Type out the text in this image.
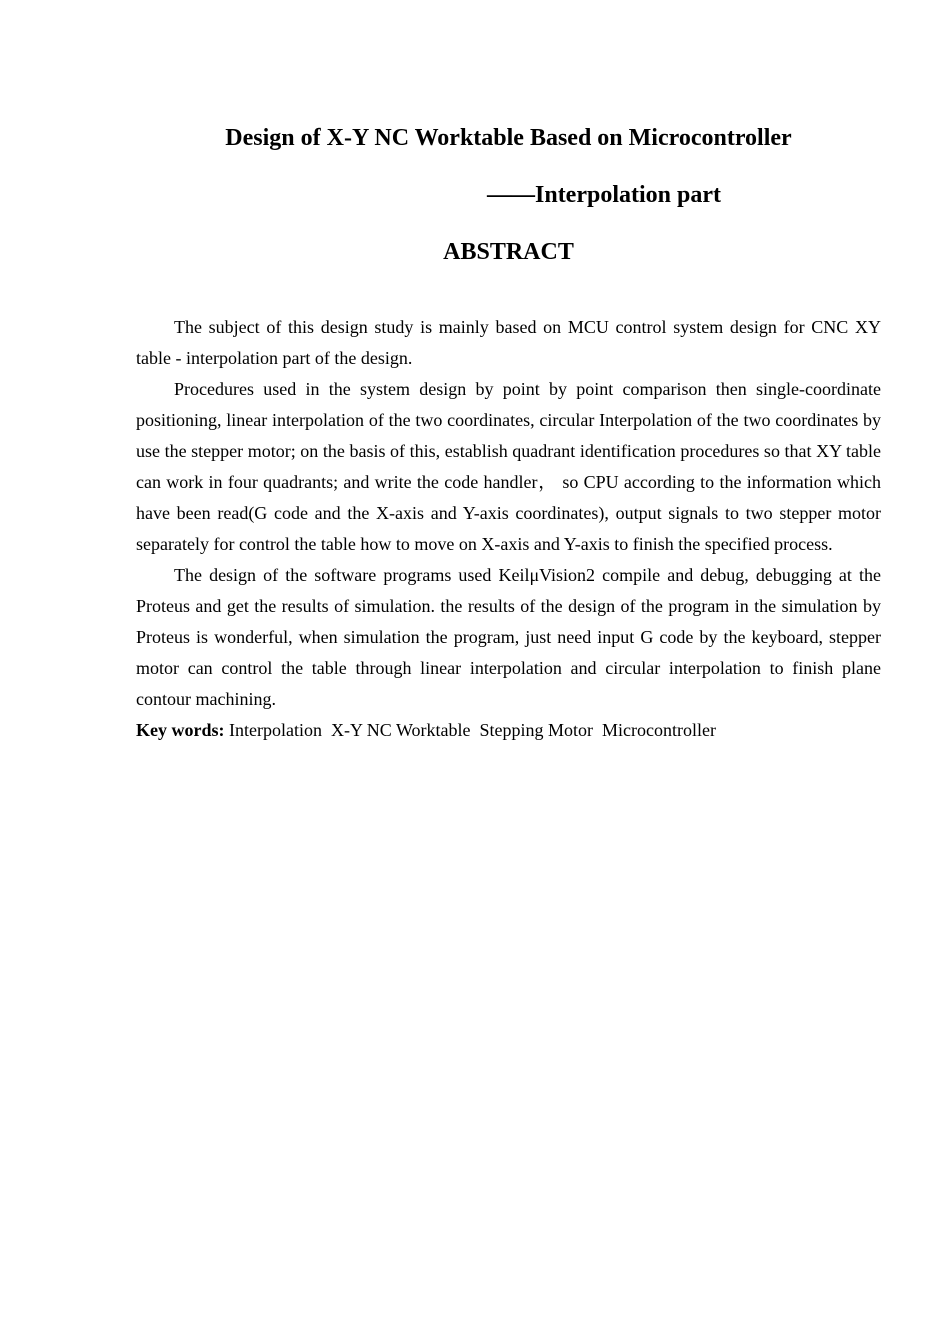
Design of X-Y NC Worktable Based on Microcontroller
——Interpolation part
ABSTRACT

The subject of this design study is mainly based on MCU control system design for CNC XY table - interpolation part of the design.

Procedures used in the system design by point by point comparison then single-coordinate positioning, linear interpolation of the two coordinates, circular Interpolation of the two coordinates by use the stepper motor; on the basis of this, establish quadrant identification procedures so that XY table can work in four quadrants; and write the code handler， so CPU according to the information which have been read(G code and the X-axis and Y-axis coordinates), output signals to two stepper motor separately for control the table how to move on X-axis and Y-axis to finish the specified process.

The design of the software programs used KeilμVision2 compile and debug, debugging at the Proteus and get the results of simulation. the results of the design of the program in the simulation by Proteus is wonderful, when simulation the program, just need input G code by the keyboard, stepper motor can control the table through linear interpolation and circular interpolation to finish plane contour machining.

Key words: Interpolation  X-Y NC Worktable  Stepping Motor  Microcontroller
